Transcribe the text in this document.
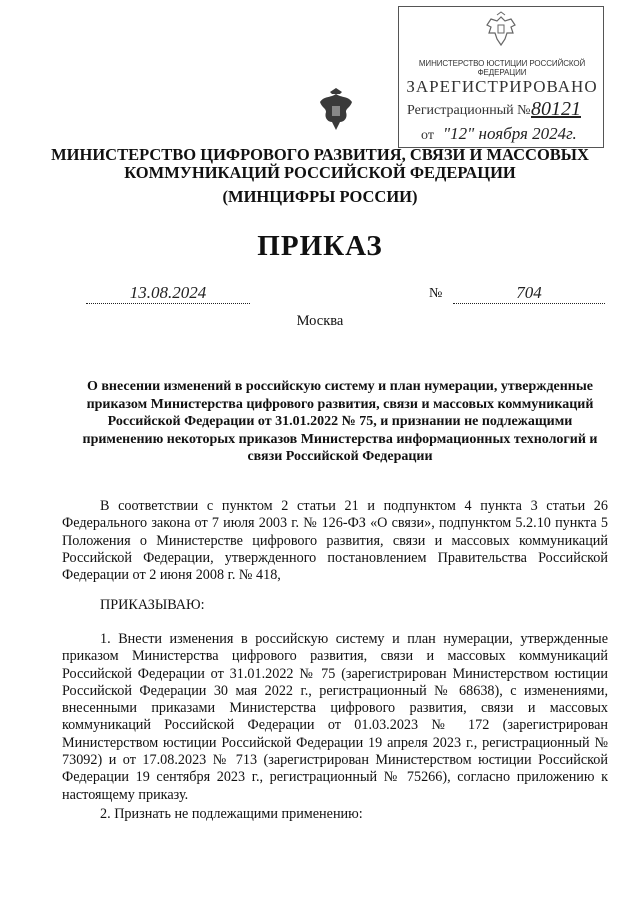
МИНИСТЕРСТВО ЮСТИЦИИ РОССИЙСКОЙ ФЕДЕРАЦИИ
ЗАРЕГИСТРИРОВАНО
Регистрационный № 80121
от "12" ноября 2024г.
МИНИСТЕРСТВО ЦИФРОВОГО РАЗВИТИЯ, СВЯЗИ И МАССОВЫХ КОММУНИКАЦИЙ РОССИЙСКОЙ ФЕДЕРАЦИИ
(МИНЦИФРЫ РОССИИ)
ПРИКАЗ
13.08.2024	№	704
Москва
О внесении изменений в российскую систему и план нумерации, утвержденные приказом Министерства цифрового развития, связи и массовых коммуникаций Российской Федерации от 31.01.2022 № 75, и признании не подлежащими применению некоторых приказов Министерства информационных технологий и связи Российской Федерации

В соответствии с пунктом 2 статьи 21 и подпунктом 4 пункта 3 статьи 26 Федерального закона от 7 июля 2003 г. № 126-ФЗ «О связи», подпунктом 5.2.10 пункта 5 Положения о Министерстве цифрового развития, связи и массовых коммуникаций Российской Федерации, утвержденного постановлением Правительства Российской Федерации от 2 июня 2008 г. № 418,

ПРИКАЗЫВАЮ:

1. Внести изменения в российскую систему и план нумерации, утвержденные приказом Министерства цифрового развития, связи и массовых коммуникаций Российской Федерации от 31.01.2022 № 75 (зарегистрирован Министерством юстиции Российской Федерации 30 мая 2022 г., регистрационный № 68638), с изменениями, внесенными приказами Министерства цифрового развития, связи и массовых коммуникаций Российской Федерации от 01.03.2023 № 172 (зарегистрирован Министерством юстиции Российской Федерации 19 апреля 2023 г., регистрационный № 73092) и от 17.08.2023 № 713 (зарегистрирован Министерством юстиции Российской Федерации 19 сентября 2023 г., регистрационный № 75266), согласно приложению к настоящему приказу.

2. Признать не подлежащими применению:
